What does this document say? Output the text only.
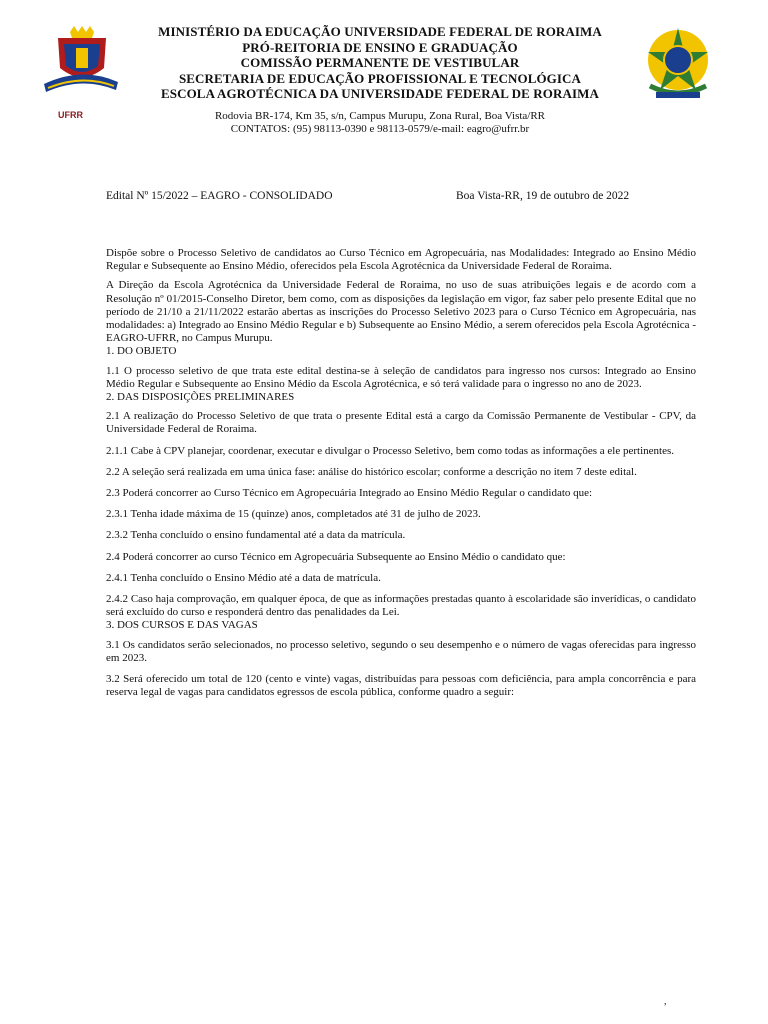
UFRR
MINISTÉRIO DA EDUCAÇÃO UNIVERSIDADE FEDERAL DE RORAIMA
PRÓ-REITORIA DE ENSINO E GRADUAÇÃO
COMISSÃO PERMANENTE DE VESTIBULAR
SECRETARIA DE EDUCAÇÃO PROFISSIONAL E TECNOLÓGICA
ESCOLA AGROTÉCNICA DA UNIVERSIDADE FEDERAL DE RORAIMA
Rodovia BR-174, Km 35, s/n, Campus Murupu, Zona Rural, Boa Vista/RR
CONTATOS: (95) 98113-0390 e 98113-0579/e-mail: eagro@ufrr.br
Edital Nº 15/2022 – EAGRO - CONSOLIDADO	Boa Vista-RR, 19 de outubro de 2022

Dispõe sobre o Processo Seletivo de candidatos ao Curso Técnico em Agropecuária, nas Modalidades: Integrado ao Ensino Médio Regular e Subsequente ao Ensino Médio, oferecidos pela Escola Agrotécnica da Universidade Federal de Roraima.

A Direção da Escola Agrotécnica da Universidade Federal de Roraima, no uso de suas atribuições legais e de acordo com a Resolução nº 01/2015-Conselho Diretor, bem como, com as disposições da legislação em vigor, faz saber pelo presente Edital que no período de 21/10 a 21/11/2022 estarão abertas as inscrições do Processo Seletivo 2023 para o Curso Técnico em Agropecuária, nas modalidades: a) Integrado ao Ensino Médio Regular e b) Subsequente ao Ensino Médio, a serem oferecidos pela Escola Agrotécnica - EAGRO-UFRR, no Campus Murupu.

1. DO OBJETO

1.1 O processo seletivo de que trata este edital destina-se à seleção de candidatos para ingresso nos cursos: Integrado ao Ensino Médio Regular e Subsequente ao Ensino Médio da Escola Agrotécnica, e só terá validade para o ingresso no ano de 2023.

2. DAS DISPOSIÇÕES PRELIMINARES

2.1 A realização do Processo Seletivo de que trata o presente Edital está a cargo da Comissão Permanente de Vestibular - CPV, da Universidade Federal de Roraima.

2.1.1 Cabe à CPV planejar, coordenar, executar e divulgar o Processo Seletivo, bem como todas as informações a ele pertinentes.

2.2 A seleção será realizada em uma única fase: análise do histórico escolar; conforme a descrição no item 7 deste edital.

2.3 Poderá concorrer ao Curso Técnico em Agropecuária Integrado ao Ensino Médio Regular o candidato que:

2.3.1 Tenha idade máxima de 15 (quinze) anos, completados até 31 de julho de 2023.

2.3.2 Tenha concluído o ensino fundamental até a data da matrícula.

2.4 Poderá concorrer ao curso Técnico em Agropecuária Subsequente ao Ensino Médio o candidato que:

2.4.1 Tenha concluído o Ensino Médio até a data de matrícula.

2.4.2 Caso haja comprovação, em qualquer época, de que as informações prestadas quanto à escolaridade são inverídicas, o candidato será excluído do curso e responderá dentro das penalidades da Lei.

3. DOS CURSOS E DAS VAGAS

3.1 Os candidatos serão selecionados, no processo seletivo, segundo o seu desempenho e o número de vagas oferecidas para ingresso em 2023.

3.2 Será oferecido um total de 120 (cento e vinte) vagas, distribuídas para pessoas com deficiência, para ampla concorrência e para reserva legal de vagas para candidatos egressos de escola pública, conforme quadro a seguir:

,
